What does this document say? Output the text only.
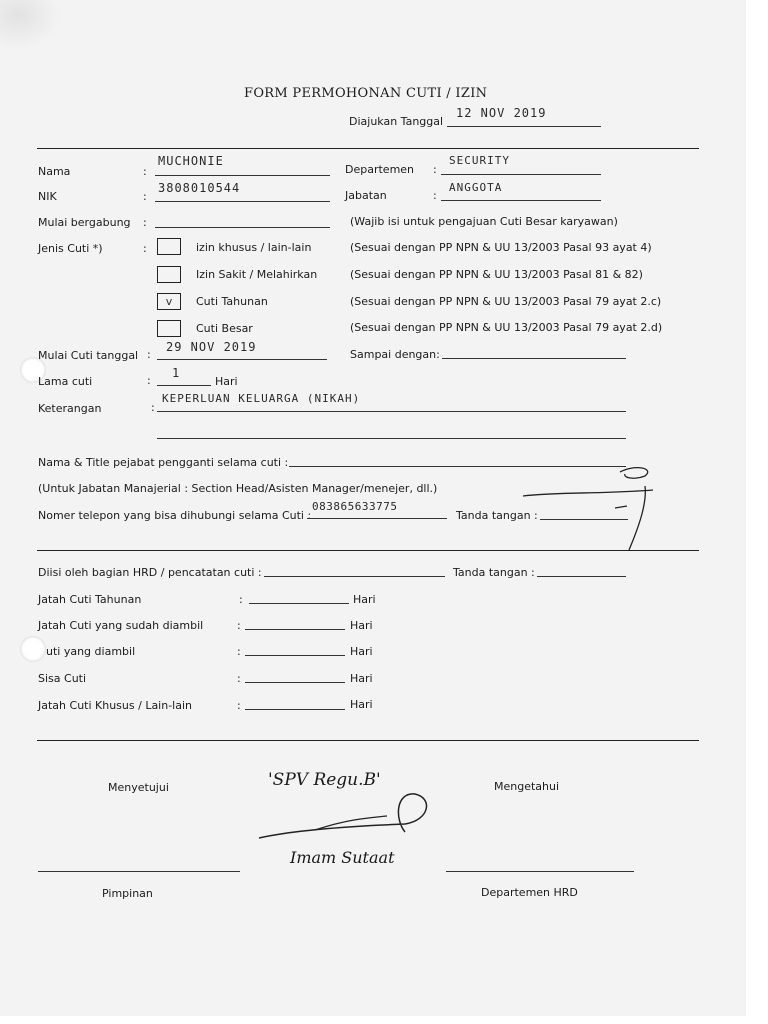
FORM PERMOHONAN CUTI / IZIN
Diajukan Tanggal
12 NOV 2019
Nama	:
MUCHONIE
Departemen :
SECURITY
NIK	:
3808010544
Jabatan	:
ANGGOTA
Mulai bergabung :	(Wajib isi untuk pengajuan Cuti Besar karyawan)
Jenis Cuti *)	:	izin khusus / lain-lain	(Sesuai dengan PP NPN & UU 13/2003 Pasal 93 ayat 4)
Izin Sakit / Melahirkan	(Sesuai dengan PP NPN & UU 13/2003 Pasal 81 & 82)
v	Cuti Tahunan	(Sesuai dengan PP NPN & UU 13/2003 Pasal 79 ayat 2.c)
Cuti Besar	(Sesuai dengan PP NPN & UU 13/2003 Pasal 79 ayat 2.d)
Mulai Cuti tanggal :
29 NOV 2019
Sampai dengan:
Lama cuti	:
1
Hari
Keterangan	:
KEPERLUAN KELUARGA (NIKAH)
Nama & Title pejabat pengganti selama cuti :
(Untuk Jabatan Manajerial : Section Head/Asisten Manager/menejer, dll.)
Nomer telepon yang bisa dihubungi selama Cuti :
083865633775
Tanda tangan :
Diisi oleh bagian HRD / pencatatan cuti :	Tanda tangan :
Jatah Cuti Tahunan	:	Hari
Jatah Cuti yang sudah diambil	:	Hari
uti yang diambil	:	Hari
Sisa Cuti	:	Hari
Jatah Cuti Khusus / Lain-lain	:	Hari
Menyetujui	Mengetahui
'SPV Regu.B'
Imam Sutaat
Pimpinan	Departemen HRD
